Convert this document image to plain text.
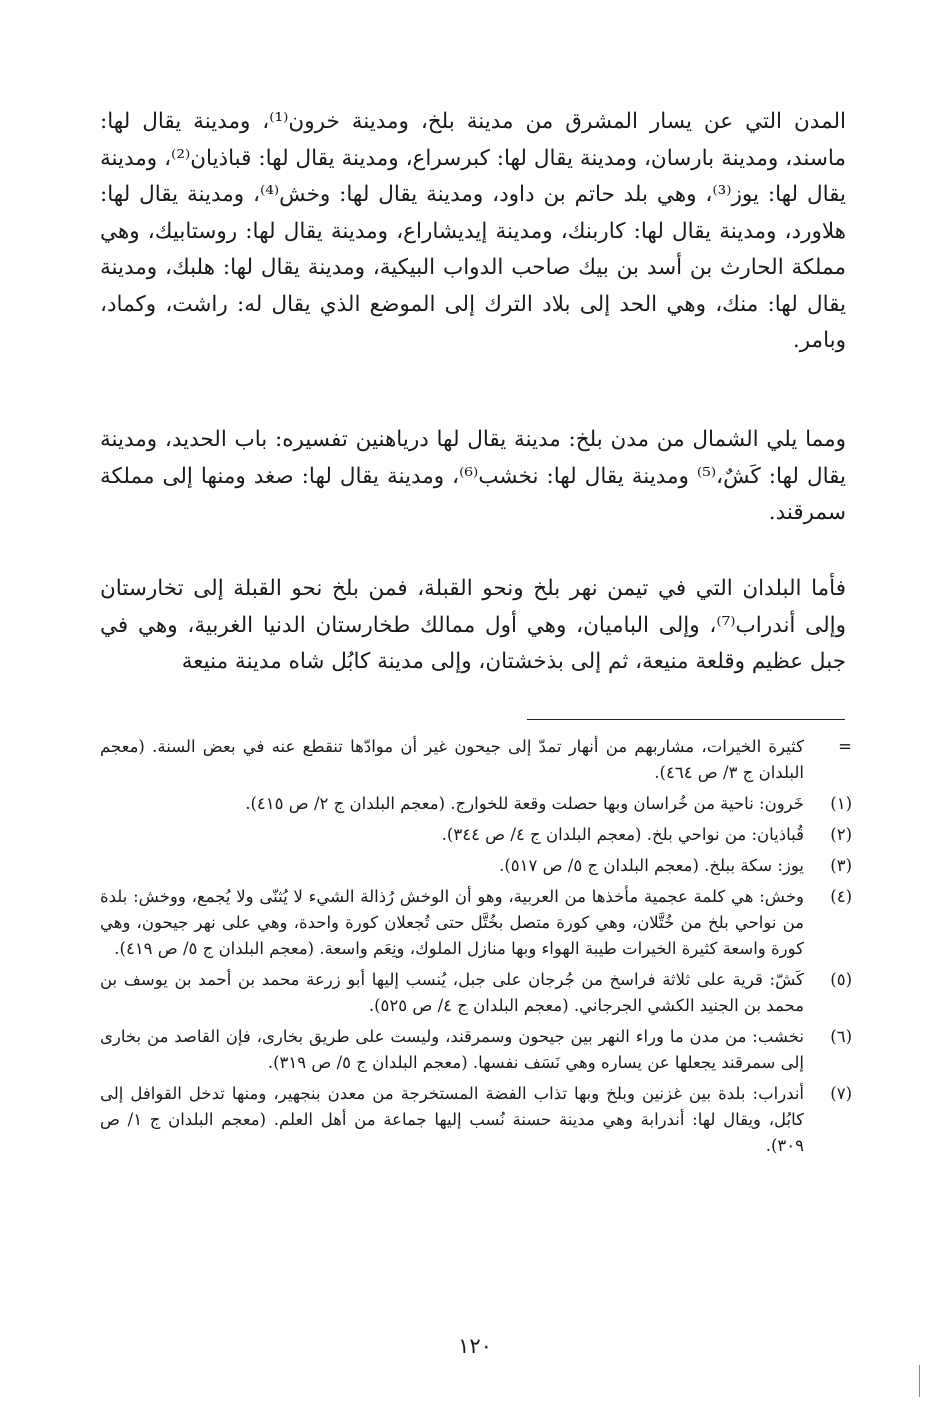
المدن التي عن يسار المشرق من مدينة بلخ، ومدينة خرون⁽¹⁾، ومدينة يقال لها: ماسند، ومدينة بارسان، ومدينة يقال لها: كبرسراع، ومدينة يقال لها: قباذيان⁽²⁾، ومدينة يقال لها: يوز⁽³⁾، وهي بلد حاتم بن داود، ومدينة يقال لها: وخش⁽⁴⁾، ومدينة يقال لها: هلاورد، ومدينة يقال لها: كاربنك، ومدينة إيديشاراع، ومدينة يقال لها: روستابيك، وهي مملكة الحارث بن أسد بن بيك صاحب الدواب البيكية، ومدينة يقال لها: هلبك، ومدينة يقال لها: منك، وهي الحد إلى بلاد الترك إلى الموضع الذي يقال له: راشت، وكماد، وبامر.

ومما يلي الشمال من مدن بلخ: مدينة يقال لها درياهنين تفسيره: باب الحديد، ومدينة يقال لها: كَشٌ،⁽⁵⁾ ومدينة يقال لها: نخشب⁽⁶⁾، ومدينة يقال لها: صغد ومنها إلى مملكة سمرقند.

فأما البلدان التي في تيمن نهر بلخ ونحو القبلة، فمن بلخ نحو القبلة إلى تخارستان وإلى أندراب⁽⁷⁾، وإلى الباميان، وهي أول ممالك طخارستان الدنيا الغربية، وهي في جبل عظيم وقلعة منيعة، ثم إلى بذخشتان، وإلى مدينة كابُل شاه مدينة منيعة

=
كثيرة الخيرات، مشاربهم من أنهار تمدّ إلى جيحون غير أن موادّها تنقطع عنه في بعض السنة. (معجم البلدان ج ٣/ ص ٤٦٤).
(١)
خَرون: ناحية من خُراسان وبها حصلت وقعة للخوارج. (معجم البلدان ج ٢/ ص ٤١٥).
(٢)
قُباذيان: من نواحي بلخ. (معجم البلدان ج ٤/ ص ٣٤٤).
(٣)
يوز: سكة ببلخ. (معجم البلدان ج ٥/ ص ٥١٧).
(٤)
وخش: هي كلمة عجمية مأخذها من العربية، وهو أن الوخش رُذالة الشيء لا يُثنّى ولا يُجمع، ووخش: بلدة من نواحي بلخ من خُتَّلان، وهي كورة متصل بخُتَّل حتى تُجعلان كورة واحدة، وهي على نهر جيحون، وهي كورة واسعة كثيرة الخيرات طيبة الهواء وبها منازل الملوك، ونِعَم واسعة. (معجم البلدان ج ٥/ ص ٤١٩).
(٥)
كَشّ: قرية على ثلاثة فراسخ من جُرجان على جبل، يُنسب إليها أبو زرعة محمد بن أحمد بن يوسف بن محمد بن الجنيد الكشي الجرجاني. (معجم البلدان ج ٤/ ص ٥٢٥).
(٦)
نخشب: من مدن ما وراء النهر بين جيحون وسمرقند، وليست على طريق بخارى، فإن القاصد من بخارى إلى سمرقند يجعلها عن يساره وهي نَسَف نفسها. (معجم البلدان ج ٥/ ص ٣١٩).
(٧)
أندراب: بلدة بين غزنين وبلخ وبها تذاب الفضة المستخرجة من معدن بنجهير، ومنها تدخل القوافل إلى كابُل، ويقال لها: أندرابة وهي مدينة حسنة نُسب إليها جماعة من أهل العلم. (معجم البلدان ج ١/ ص ٣٠٩).
١٢٠
